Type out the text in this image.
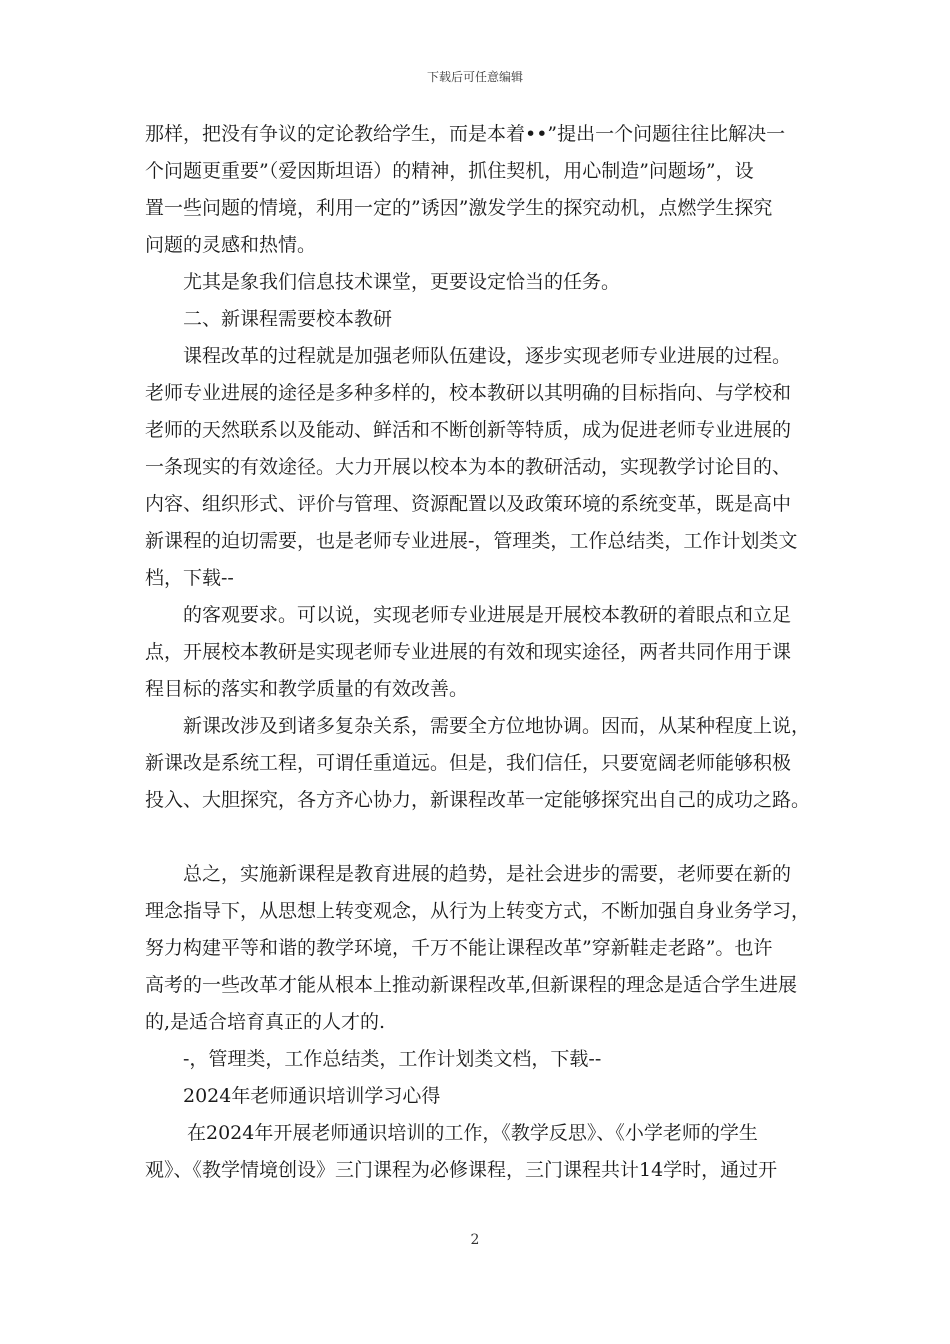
下载后可任意编辑
那样，把没有争议的定论教给学生，而是本着••”提出一个问题往往比解决一
个问题更重要”（爱因斯坦语）的精神，抓住契机，用心制造”问题场”，设
置一些问题的情境，利用一定的”诱因”激发学生的探究动机，点燃学生探究
问题的灵感和热情。
尤其是象我们信息技术课堂，更要设定恰当的任务。
二、新课程需要校本教研
课程改革的过程就是加强老师队伍建设，逐步实现老师专业进展的过程。
老师专业进展的途径是多种多样的，校本教研以其明确的目标指向、与学校和
老师的天然联系以及能动、鲜活和不断创新等特质，成为促进老师专业进展的
一条现实的有效途径。大力开展以校本为本的教研活动，实现教学讨论目的、
内容、组织形式、评价与管理、资源配置以及政策环境的系统变革，既是高中
新课程的迫切需要，也是老师专业进展-，管理类，工作总结类，工作计划类文
档，下载--
的客观要求。可以说，实现老师专业进展是开展校本教研的着眼点和立足
点，开展校本教研是实现老师专业进展的有效和现实途径，两者共同作用于课
程目标的落实和教学质量的有效改善。
新课改涉及到诸多复杂关系，需要全方位地协调。因而，从某种程度上说，
新课改是系统工程，可谓任重道远。但是，我们信任，只要宽阔老师能够积极
投入、大胆探究，各方齐心协力，新课程改革一定能够探究出自己的成功之路。
总之，实施新课程是教育进展的趋势，是社会进步的需要，老师要在新的
理念指导下，从思想上转变观念，从行为上转变方式，不断加强自身业务学习，
努力构建平等和谐的教学环境，千万不能让课程改革”穿新鞋走老路”。也许
高考的一些改革才能从根本上推动新课程改革,但新课程的理念是适合学生进展
的,是适合培育真正的人才的.
-，管理类，工作总结类，工作计划类文档，下载--
2024年老师通识培训学习心得
在2024年开展老师通识培训的工作，《教学反思》、《小学老师的学生
观》、《教学情境创设》三门课程为必修课程，三门课程共计14学时，通过开
2
